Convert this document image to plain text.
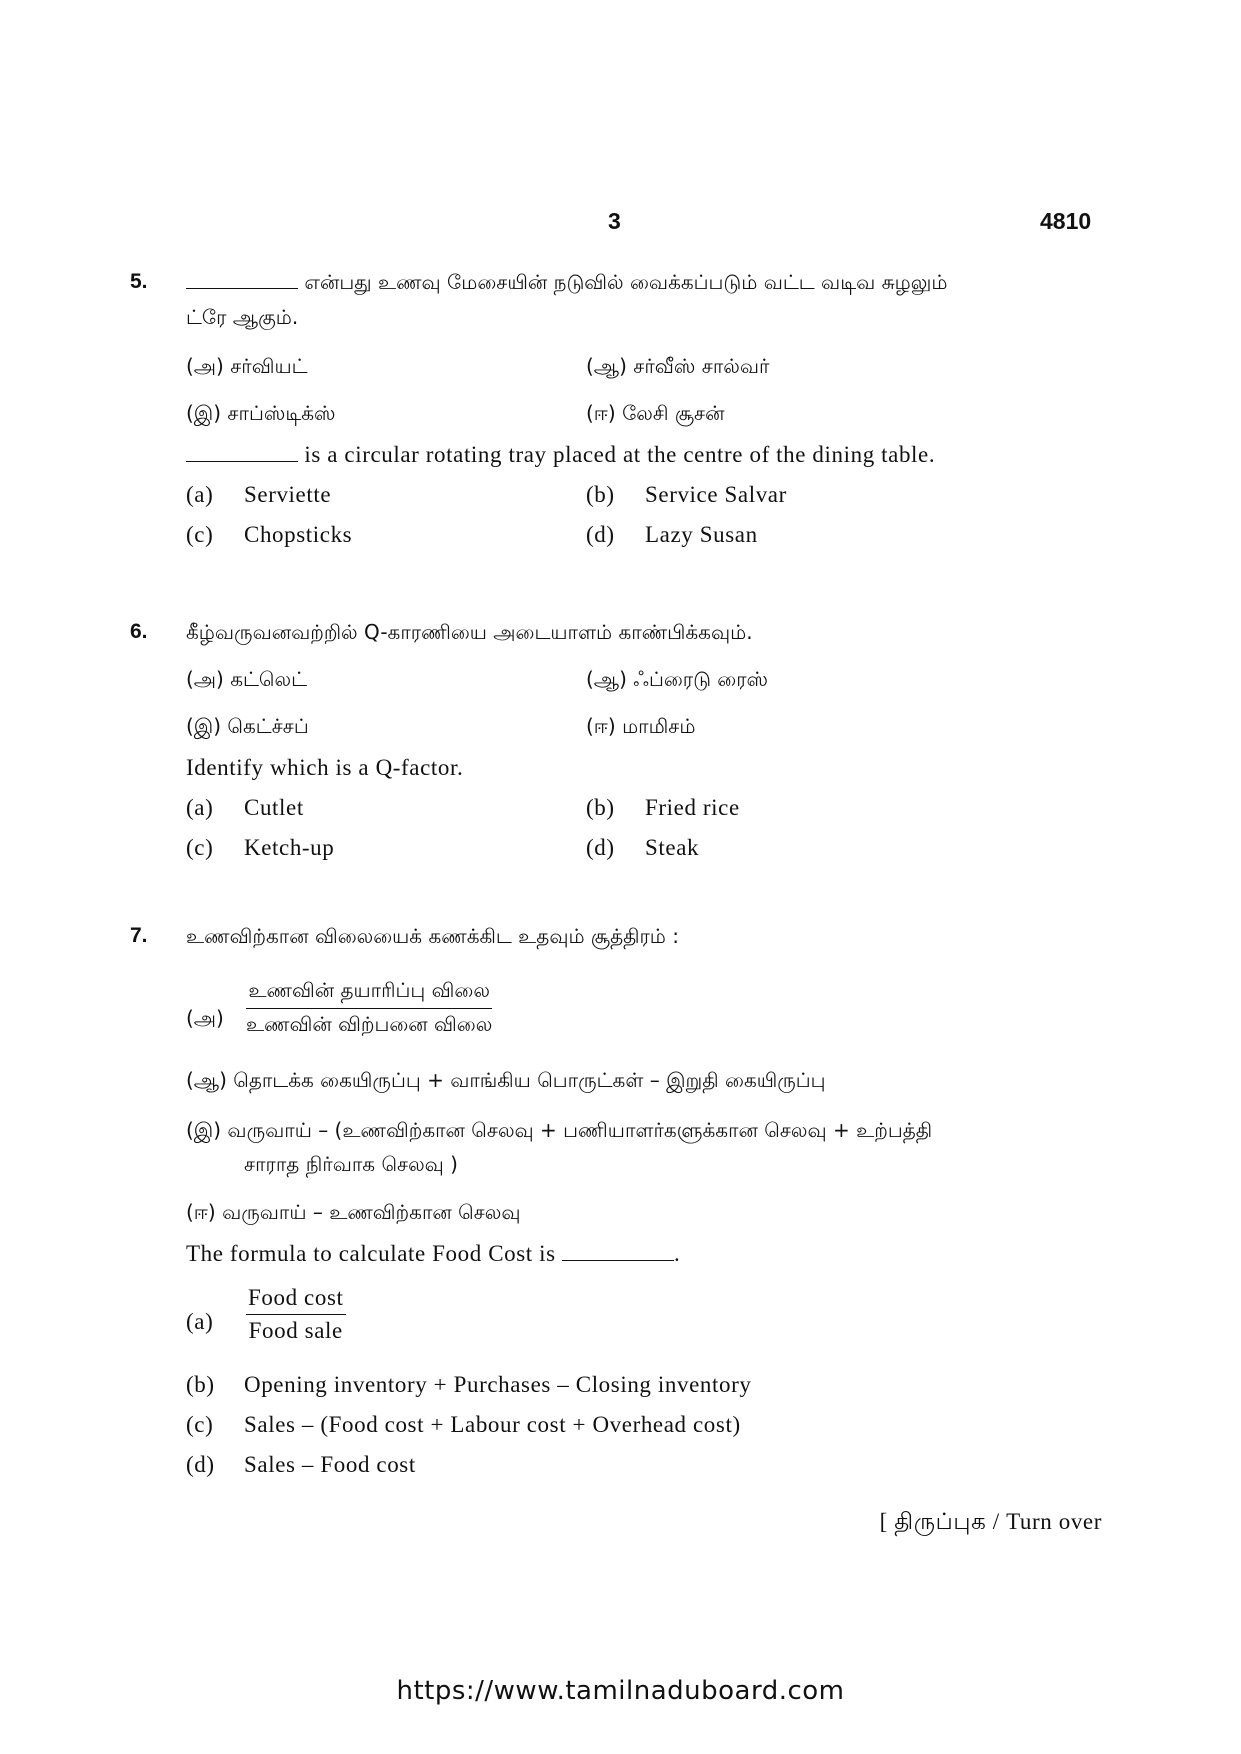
3	4810
5.	என்பது உணவு மேசையின் நடுவில் வைக்கப்படும் வட்ட வடிவ சுழலும்
ட்ரே ஆகும்.
(அ) சர்வியட்	(ஆ) சர்வீஸ் சால்வர்
(இ) சாப்ஸ்டிக்ஸ்	(ஈ) லேசி சூசன்
is a circular rotating tray placed at the centre of the dining table.
(a) Serviette	(b) Service Salvar
(c) Chopsticks	(d) Lazy Susan
6. கீழ்வருவனவற்றில் Q-காரணியை அடையாளம் காண்பிக்கவும்.
(அ) கட்லெட்	(ஆ) ஃப்ரைடு ரைஸ்
(இ) கெட்ச்சப்	(ஈ) மாமிசம்
Identify which is a Q-factor.
(a) Cutlet	(b) Fried rice
(c) Ketch-up	(d) Steak
7. உணவிற்கான விலையைக் கணக்கிட உதவும் சூத்திரம் :
(அ)
உணவின் தயாரிப்பு விலை
உணவின் விற்பனை விலை
(ஆ) தொடக்க கையிருப்பு + வாங்கிய பொருட்கள் – இறுதி கையிருப்பு
(இ) வருவாய் – (உணவிற்கான செலவு + பணியாளர்களுக்கான செலவு + உற்பத்தி
சாராத நிர்வாக செலவு )
(ஈ) வருவாய் – உணவிற்கான செலவு
The formula to calculate Food Cost is	.
(a)
Food cost
Food sale
(b) Opening inventory + Purchases – Closing inventory
(c) Sales – (Food cost + Labour cost + Overhead cost)
(d) Sales – Food cost
[ திருப்புக / Turn over
https://www.tamilnaduboard.com
